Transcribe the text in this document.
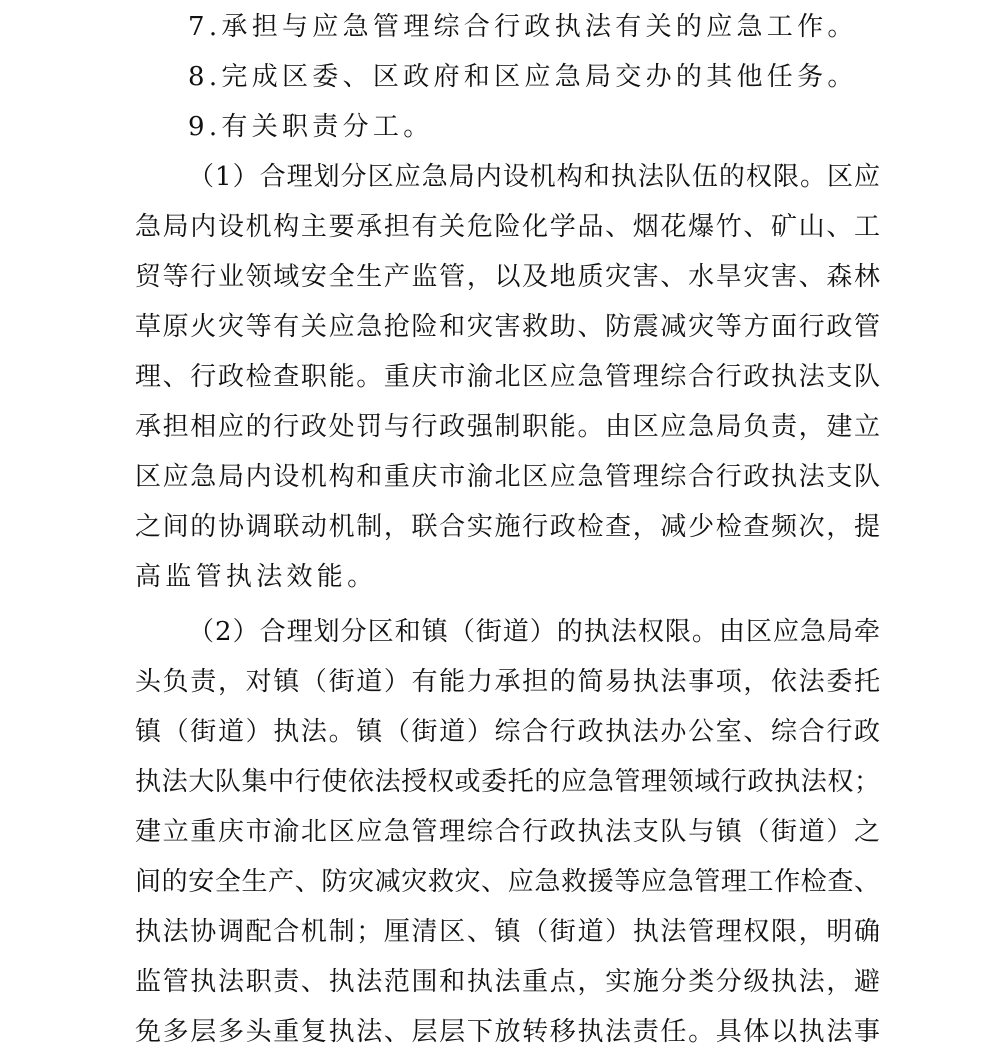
7.承担与应急管理综合行政执法有关的应急工作。
8.完成区委、区政府和区应急局交办的其他任务。
9.有关职责分工。
（1）合理划分区应急局内设机构和执法队伍的权限。区应
急局内设机构主要承担有关危险化学品、烟花爆竹、矿山、工
贸等行业领域安全生产监管，以及地质灾害、水旱灾害、森林
草原火灾等有关应急抢险和灾害救助、防震减灾等方面行政管
理、行政检查职能。重庆市渝北区应急管理综合行政执法支队
承担相应的行政处罚与行政强制职能。由区应急局负责，建立
区应急局内设机构和重庆市渝北区应急管理综合行政执法支队
之间的协调联动机制，联合实施行政检查，减少检查频次，提
高监管执法效能。
（2）合理划分区和镇（街道）的执法权限。由区应急局牵
头负责，对镇（街道）有能力承担的简易执法事项，依法委托
镇（街道）执法。镇（街道）综合行政执法办公室、综合行政
执法大队集中行使依法授权或委托的应急管理领域行政执法权；
建立重庆市渝北区应急管理综合行政执法支队与镇（街道）之
间的安全生产、防灾减灾救灾、应急救援等应急管理工作检查、
执法协调配合机制；厘清区、镇（街道）执法管理权限，明确
监管执法职责、执法范围和执法重点，实施分类分级执法，避
免多层多头重复执法、层层下放转移执法责任。具体以执法事
